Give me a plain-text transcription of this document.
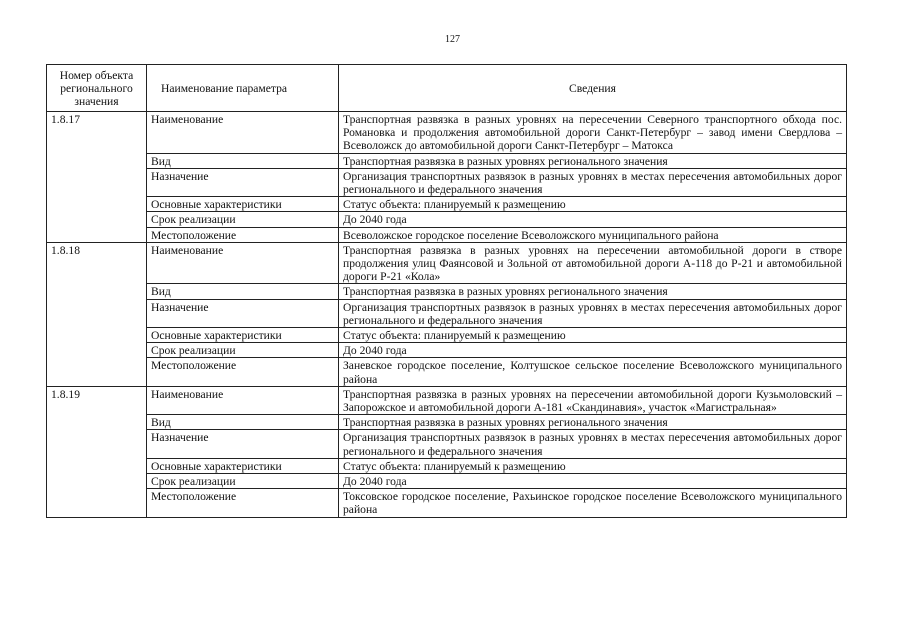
127
Номер объекта регионального значения	Наименование параметра	Сведения
1.8.17	Наименование	Транспортная развязка в разных уровнях на пересечении Северного транспортного обхода пос. Романовка и продолжения автомобильной дороги Санкт-Петербург – завод имени Свердлова – Всеволожск до автомобильной дороги Санкт-Петербург – Матокса
	Вид	Транспортная развязка в разных уровнях регионального значения
	Назначение	Организация транспортных развязок в разных уровнях в местах пересечения автомобильных дорог регионального и федерального значения
	Основные характеристики	Статус объекта: планируемый к размещению
	Срок реализации	До 2040 года
	Местоположение	Всеволожское городское поселение Всеволожского муниципального района
1.8.18	Наименование	Транспортная развязка в разных уровнях на пересечении автомобильной дороги в створе продолжения улиц Фаянсовой и Зольной от автомобильной дороги А-118 до Р-21 и автомобильной дороги Р-21 «Кола»
	Вид	Транспортная развязка в разных уровнях регионального значения
	Назначение	Организация транспортных развязок в разных уровнях в местах пересечения автомобильных дорог регионального и федерального значения
	Основные характеристики	Статус объекта: планируемый к размещению
	Срок реализации	До 2040 года
	Местоположение	Заневское городское поселение, Колтушское сельское поселение Всеволожского муниципального района
1.8.19	Наименование	Транспортная развязка в разных уровнях на пересечении автомобильной дороги Кузьмоловский – Запорожское и автомобильной дороги А-181 «Скандинавия», участок «Магистральная»
	Вид	Транспортная развязка в разных уровнях регионального значения
	Назначение	Организация транспортных развязок в разных уровнях в местах пересечения автомобильных дорог регионального и федерального значения
	Основные характеристики	Статус объекта: планируемый к размещению
	Срок реализации	До 2040 года
	Местоположение	Токсовское городское поселение, Рахьинское городское поселение Всеволожского муниципального района
